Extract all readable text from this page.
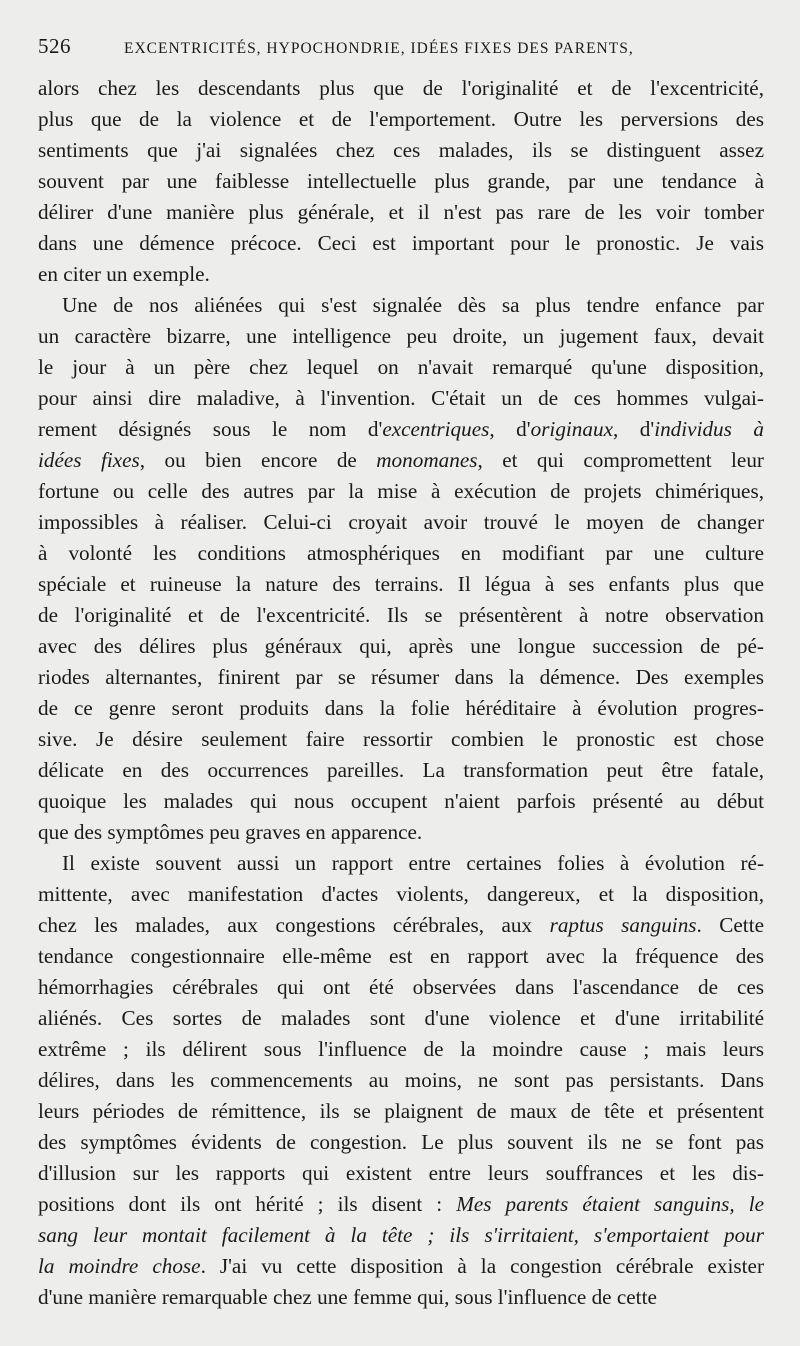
526	EXCENTRICITÉS, HYPOCHONDRIE, IDÉES FIXES DES PARENTS,
alors chez les descendants plus que de l'originalité et de l'excentricité,
plus que de la violence et de l'emportement. Outre les perversions des
sentiments que j'ai signalées chez ces malades, ils se distinguent assez
souvent par une faiblesse intellectuelle plus grande, par une tendance à
délirer d'une manière plus générale, et il n'est pas rare de les voir tomber
dans une démence précoce. Ceci est important pour le pronostic. Je vais
en citer un exemple.
Une de nos aliénées qui s'est signalée dès sa plus tendre enfance par
un caractère bizarre, une intelligence peu droite, un jugement faux, devait
le jour à un père chez lequel on n'avait remarqué qu'une disposition,
pour ainsi dire maladive, à l'invention. C'était un de ces hommes vulgai-
rement désignés sous le nom d'excentriques, d'originaux, d'individus à
idées fixes, ou bien encore de monomanes, et qui compromettent leur
fortune ou celle des autres par la mise à exécution de projets chimériques,
impossibles à réaliser. Celui-ci croyait avoir trouvé le moyen de changer
à volonté les conditions atmosphériques en modifiant par une culture
spéciale et ruineuse la nature des terrains. Il légua à ses enfants plus que
de l'originalité et de l'excentricité. Ils se présentèrent à notre observation
avec des délires plus généraux qui, après une longue succession de pé-
riodes alternantes, finirent par se résumer dans la démence. Des exemples
de ce genre seront produits dans la folie héréditaire à évolution progres-
sive. Je désire seulement faire ressortir combien le pronostic est chose
délicate en des occurrences pareilles. La transformation peut être fatale,
quoique les malades qui nous occupent n'aient parfois présenté au début
que des symptômes peu graves en apparence.
Il existe souvent aussi un rapport entre certaines folies à évolution ré-
mittente, avec manifestation d'actes violents, dangereux, et la disposition,
chez les malades, aux congestions cérébrales, aux raptus sanguins. Cette
tendance congestionnaire elle-même est en rapport avec la fréquence des
hémorrhagies cérébrales qui ont été observées dans l'ascendance de ces
aliénés. Ces sortes de malades sont d'une violence et d'une irritabilité
extrême ; ils délirent sous l'influence de la moindre cause ; mais leurs
délires, dans les commencements au moins, ne sont pas persistants. Dans
leurs périodes de rémittence, ils se plaignent de maux de tête et présentent
des symptômes évidents de congestion. Le plus souvent ils ne se font pas
d'illusion sur les rapports qui existent entre leurs souffrances et les dis-
positions dont ils ont hérité ; ils disent : Mes parents étaient sanguins, le
sang leur montait facilement à la tête ; ils s'irritaient, s'emportaient pour
la moindre chose. J'ai vu cette disposition à la congestion cérébrale exister
d'une manière remarquable chez une femme qui, sous l'influence de cette
